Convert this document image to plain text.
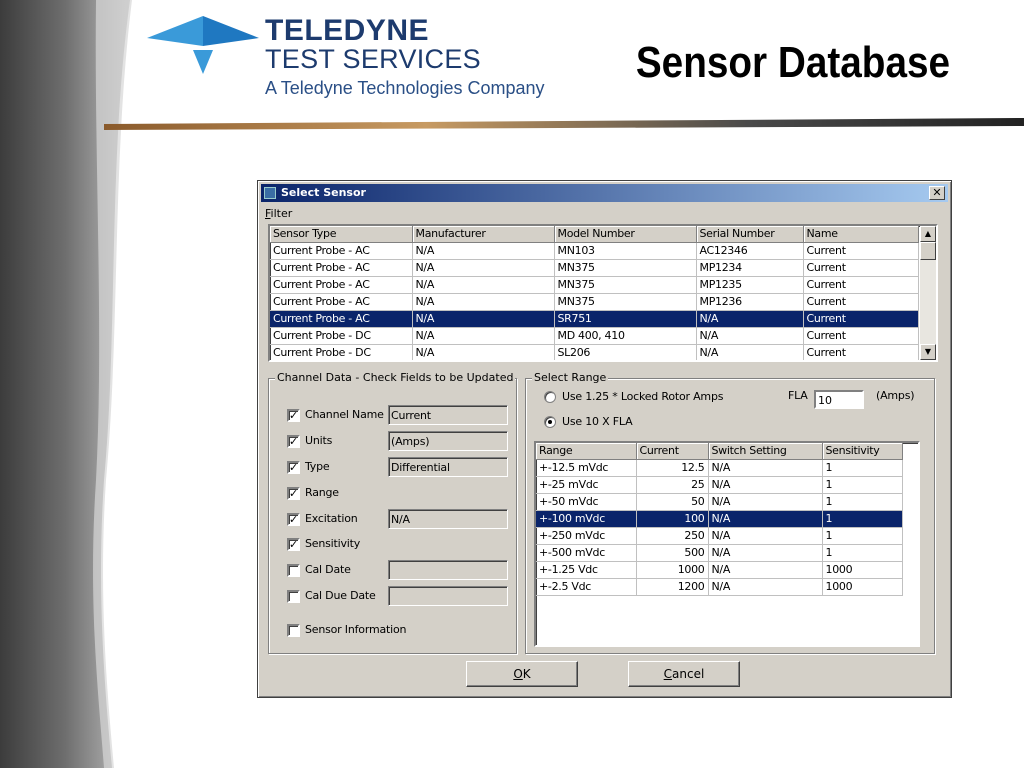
TELEDYNE
TEST SERVICES
A Teledyne Technologies Company
Sensor Database
Select Sensor	✕
Filter
Sensor Type	Manufacturer	Model Number	Serial Number	Name
Current Probe - AC	N/A	MN103	AC12346	Current
Current Probe - AC	N/A	MN375	MP1234	Current
Current Probe - AC	N/A	MN375	MP1235	Current
Current Probe - AC	N/A	MN375	MP1236	Current
Current Probe - AC	N/A	SR751	N/A	Current
Current Probe - DC	N/A	MD 400, 410	N/A	Current
Current Probe - DC	N/A	SL206	N/A	Current
▲
▼
Channel Data - Check Fields to be Updated
✓ Channel Name Current
✓ Units	(Amps)
✓ Type	Differential
✓ Range
✓ Excitation	N/A
✓ Sensitivity
Cal Date
Cal Due Date
Sensor Information
Select Range
Use 1.25 * Locked Rotor Amps
Use 10 X FLA
FLA 10	(Amps)
Range	Current	Switch Setting	Sensitivity
+-12.5 mVdc	12.5	N/A	1
+-25 mVdc	25	N/A	1
+-50 mVdc	50	N/A	1
+-100 mVdc	100	N/A	1
+-250 mVdc	250	N/A	1
+-500 mVdc	500	N/A	1
+-1.25 Vdc	1000	N/A	1000
+-2.5 Vdc	1200	N/A	1000
OK	Cancel
